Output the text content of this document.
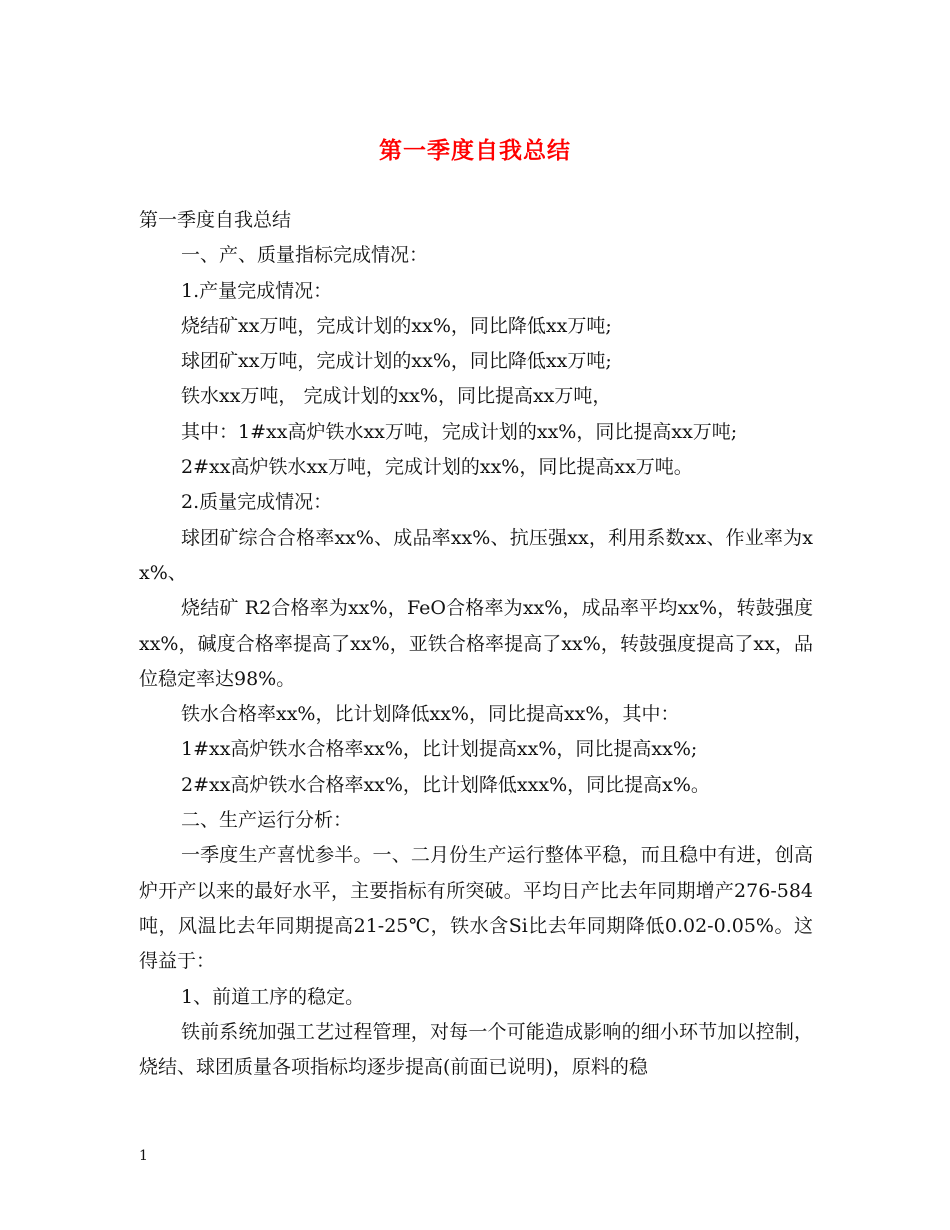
第一季度自我总结

第一季度自我总结

一、产、质量指标完成情况：

1.产量完成情况：

烧结矿xx万吨，完成计划的xx%，同比降低xx万吨;

球团矿xx万吨，完成计划的xx%，同比降低xx万吨;

铁水xx万吨， 完成计划的xx%，同比提高xx万吨，

其中：1#xx高炉铁水xx万吨，完成计划的xx%，同比提高xx万吨;

2#xx高炉铁水xx万吨，完成计划的xx%，同比提高xx万吨。

2.质量完成情况：

球团矿综合合格率xx%、成品率xx%、抗压强xx，利用系数xx、作业率为xx%、

烧结矿 R2合格率为xx%，FeO合格率为xx%，成品率平均xx%，转鼓强度xx%，碱度合格率提高了xx%，亚铁合格率提高了xx%，转鼓强度提高了xx，品位稳定率达98%。

铁水合格率xx%，比计划降低xx%，同比提高xx%，其中：

1#xx高炉铁水合格率xx%，比计划提高xx%，同比提高xx%;

2#xx高炉铁水合格率xx%，比计划降低xxx%，同比提高x%。

二、生产运行分析：

一季度生产喜忧参半。一、二月份生产运行整体平稳，而且稳中有进，创高炉开产以来的最好水平，主要指标有所突破。平均日产比去年同期增产276-584吨，风温比去年同期提高21-25℃，铁水含Si比去年同期降低0.02-0.05%。这得益于：

1、前道工序的稳定。

铁前系统加强工艺过程管理，对每一个可能造成影响的细小环节加以控制，烧结、球团质量各项指标均逐步提高(前面已说明)，原料的稳

1
